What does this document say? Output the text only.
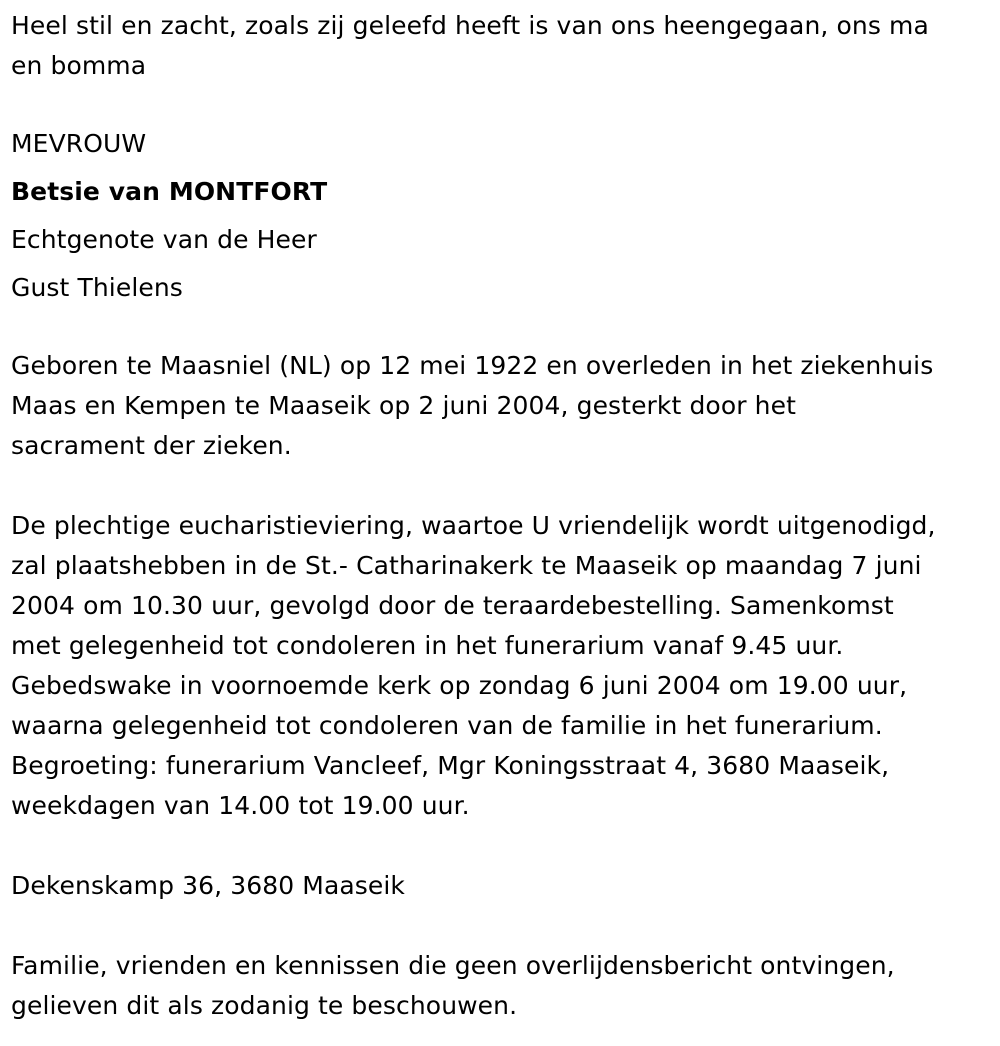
Heel stil en zacht, zoals zij geleefd heeft is van ons heengegaan, ons ma

en bomma

MEVROUW

Betsie van MONTFORT

Echtgenote van de Heer

Gust Thielens

Geboren te Maasniel (NL) op 12 mei 1922 en overleden in het ziekenhuis

Maas en Kempen te Maaseik op 2 juni 2004, gesterkt door het

sacrament der zieken.

De plechtige eucharistieviering, waartoe U vriendelijk wordt uitgenodigd,

zal plaatshebben in de St.- Catharinakerk te Maaseik op maandag 7 juni

2004 om 10.30 uur, gevolgd door de teraardebestelling. Samenkomst

met gelegenheid tot condoleren in het funerarium vanaf 9.45 uur.

Gebedswake in voornoemde kerk op zondag 6 juni 2004 om 19.00 uur,

waarna gelegenheid tot condoleren van de familie in het funerarium.

Begroeting: funerarium Vancleef, Mgr Koningsstraat 4, 3680 Maaseik,

weekdagen van 14.00 tot 19.00 uur.

Dekenskamp 36, 3680 Maaseik

Familie, vrienden en kennissen die geen overlijdensbericht ontvingen,

gelieven dit als zodanig te beschouwen.
